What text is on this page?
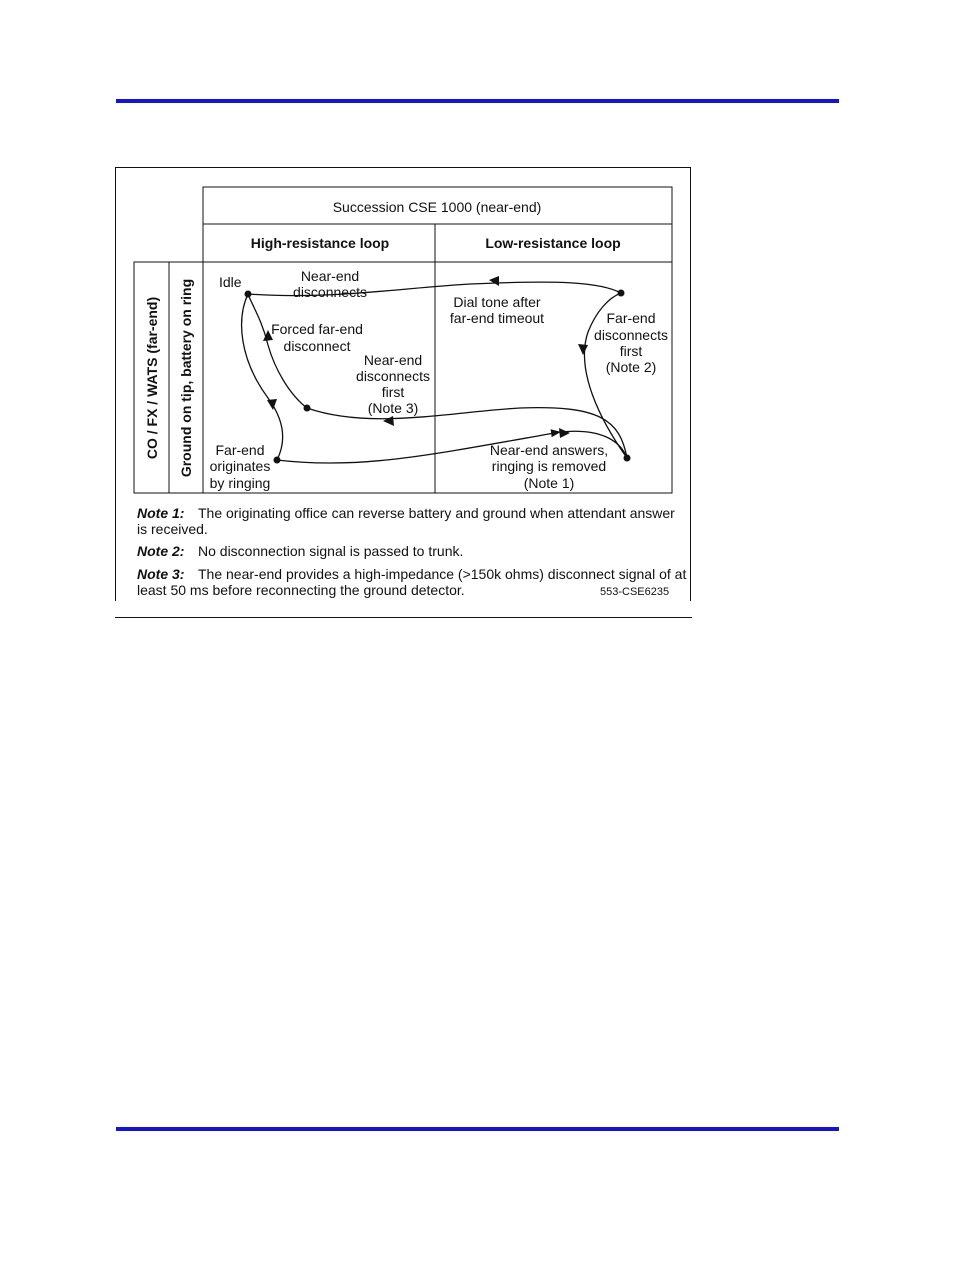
Succession CSE 1000 (near-end)
High-resistance loop	Low-resistance loop
CO / FX / WATS (far-end) Ground on tip, battery on ring Idle	Near-end
disconnects
Forced far-end
disconnect
Near-end
disconnects
first
(Note 3)
Dial tone after
far-end timeout	Far-end
disconnects
first
(Note 2)
Far-end
originates
by ringing
Near-end answers,
ringing is removed
(Note 1)
Note 1: The originating office can reverse battery and ground when attendant answer is received.
Note 2: No disconnection signal is passed to trunk.
Note 3: The near-end provides a high-impedance (>150k ohms) disconnect signal of at least 50 ms before reconnecting the ground detector.	553-CSE6235
